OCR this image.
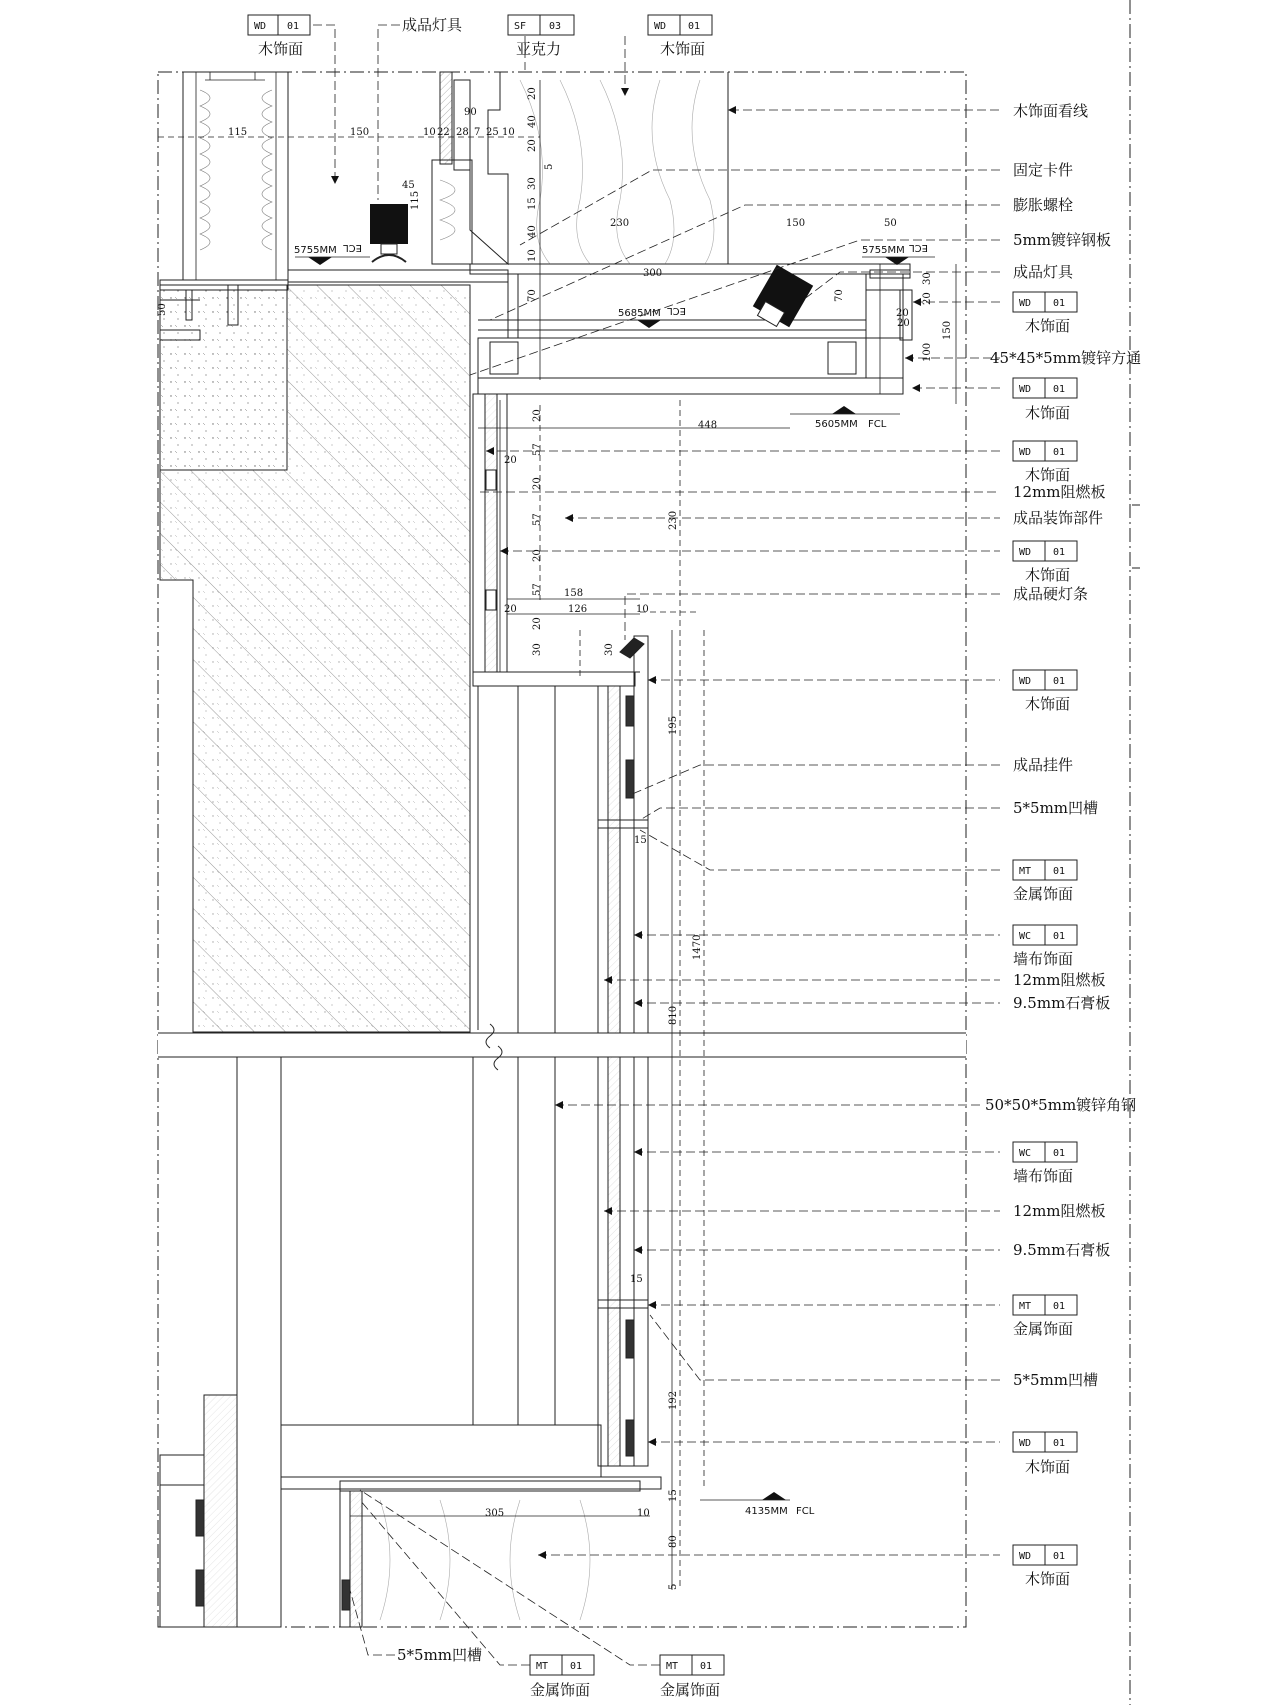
115	150	10 22 28 7 25 10
90
45
115
230	150	50
300
20
40
20
5
30
15
40
10
70	70
30
20
20	150
100
20
57
20
20
57
20
20
57
20
30
158
126	10
30
20
448
230
195
15
1470
810
15
192
15
305	10
80
5
50
5755MM ECL	5755MM ECL
5685MM ECL
5605MM FCL
4135MM FCL
WD 01
木饰面
SF 03
亚克力
WD 01
木饰面
成品灯具
木饰面看线
固定卡件
膨胀螺栓
5mm镀锌钢板
成品灯具
45*45*5mm镀锌方通
12mm阻燃板
成品装饰部件
成品硬灯条
成品挂件
5*5mm凹槽
12mm阻燃板
9.5mm石膏板
50*50*5mm镀锌角钢
12mm阻燃板
9.5mm石膏板
5*5mm凹槽
WD 01
木饰面
WD 01
木饰面
WD 01
木饰面
WD 01
木饰面
WD 01
木饰面
MT 01
金属饰面
WC 01
墙布饰面
WC 01
墙布饰面
MT 01
金属饰面
WD 01
木饰面
WD 01
木饰面
5*5mm凹槽
MT 01
金属饰面
MT 01
金属饰面
